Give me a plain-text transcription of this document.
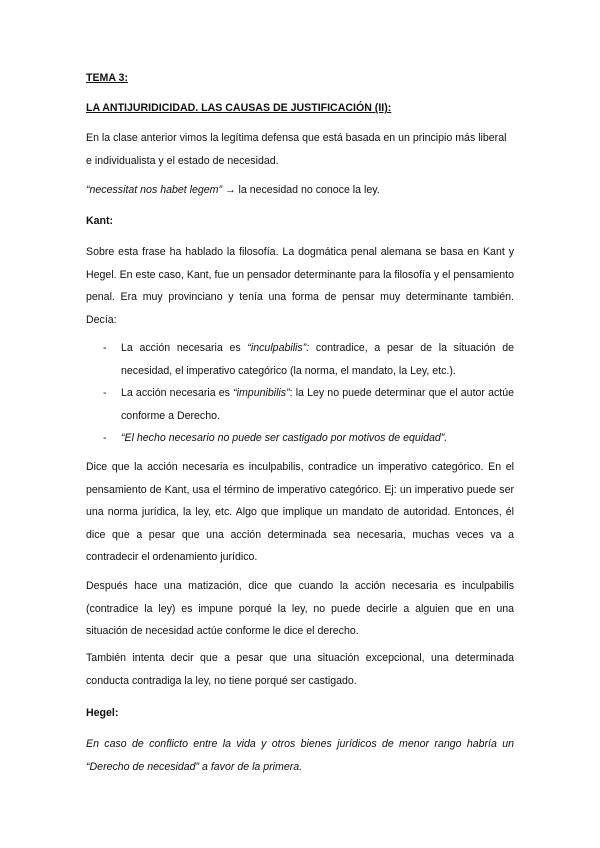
TEMA 3:

LA ANTIJURIDICIDAD. LAS CAUSAS DE JUSTIFICACIÓN (II):

En la clase anterior vimos la legítima defensa que está basada en un principio más liberal e individualista y el estado de necesidad.

“necessitat nos habet legem” → la necesidad no conoce la ley.

Kant:

Sobre esta frase ha hablado la filosofía. La dogmática penal alemana se basa en Kant y Hegel. En este caso, Kant, fue un pensador determinante para la filosofía y el pensamiento penal. Era muy provinciano y tenía una forma de pensar muy determinante también. Decía:

- La acción necesaria es “inculpabilis”: contradice, a pesar de la situación de necesidad, el imperativo categórico (la norma, el mandato, la Ley, etc.).
- La acción necesaria es “impunibilis”: la Ley no puede determinar que el autor actúe conforme a Derecho.
- “El hecho necesario no puede ser castigado por motivos de equidad”.

Dice que la acción necesaria es inculpabilis, contradice un imperativo categórico. En el pensamiento de Kant, usa el término de imperativo categórico. Ej: un imperativo puede ser una norma jurídica, la ley, etc. Algo que implique un mandato de autoridad. Entonces, él dice que a pesar que una acción determinada sea necesaria, muchas veces va a contradecir el ordenamiento jurídico.

Después hace una matización, dice que cuando la acción necesaria es inculpabilis (contradice la ley) es impune porqué la ley, no puede decirle a alguien que en una situación de necesidad actúe conforme le dice el derecho.

También intenta decir que a pesar que una situación excepcional, una determinada conducta contradiga la ley, no tiene porqué ser castigado.

Hegel:

En caso de conflicto entre la vida y otros bienes jurídicos de menor rango habría un “Derecho de necesidad” a favor de la primera.
